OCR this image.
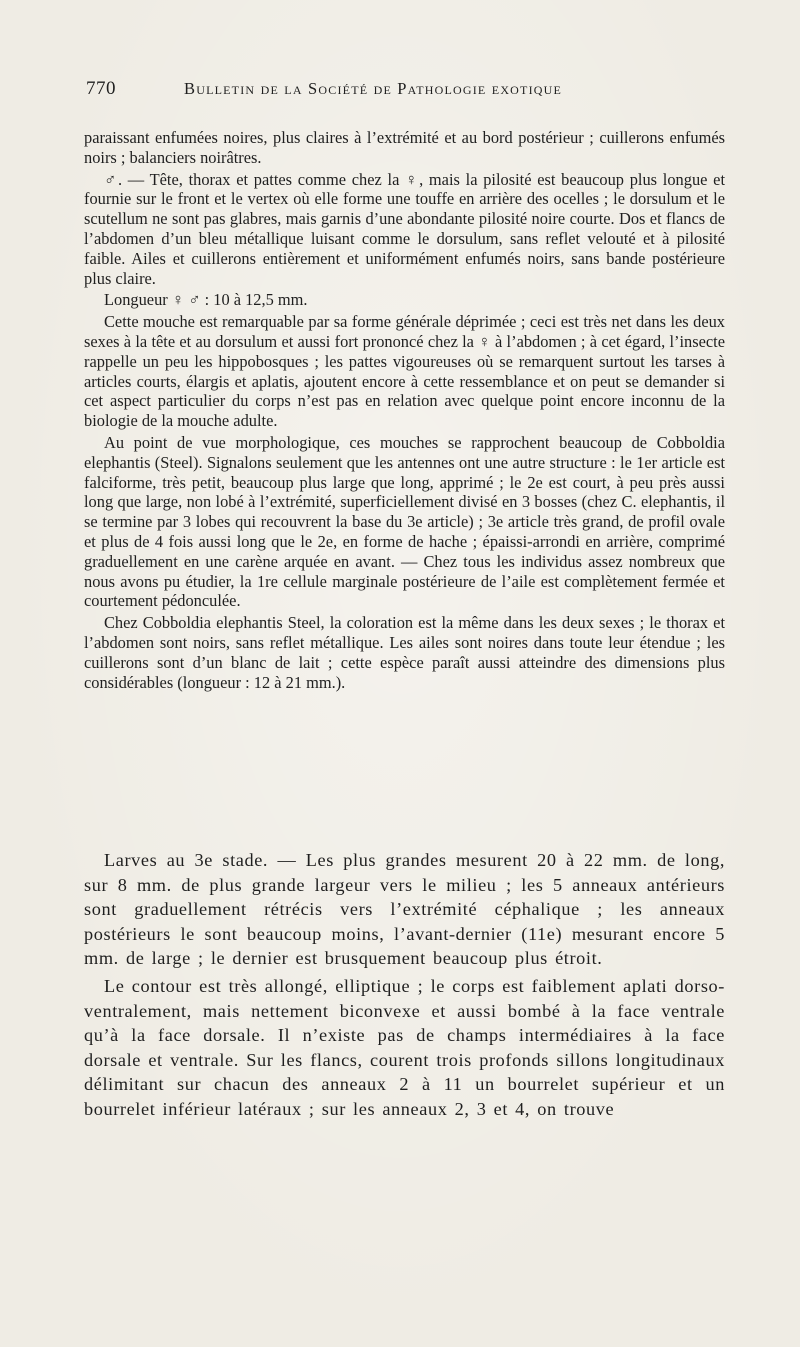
770	Bulletin de la Société de Pathologie exotique

paraissant enfumées noires, plus claires à l’extrémité et au bord postérieur ; cuillerons enfumés noirs ; balanciers noirâtres.

♂. — Tête, thorax et pattes comme chez la ♀, mais la pilosité est beaucoup plus longue et fournie sur le front et le vertex où elle forme une touffe en arrière des ocelles ; le dorsulum et le scutellum ne sont pas glabres, mais garnis d’une abondante pilosité noire courte. Dos et flancs de l’abdomen d’un bleu métallique luisant comme le dorsulum, sans reflet velouté et à pilosité faible. Ailes et cuillerons entièrement et uniformément enfumés noirs, sans bande postérieure plus claire.

Longueur ♀ ♂ : 10 à 12,5 mm.

Cette mouche est remarquable par sa forme générale déprimée ; ceci est très net dans les deux sexes à la tête et au dorsulum et aussi fort prononcé chez la ♀ à l’abdomen ; à cet égard, l’insecte rappelle un peu les hippobosques ; les pattes vigoureuses où se remarquent surtout les tarses à articles courts, élargis et aplatis, ajoutent encore à cette ressemblance et on peut se demander si cet aspect particulier du corps n’est pas en relation avec quelque point encore inconnu de la biologie de la mouche adulte.

Au point de vue morphologique, ces mouches se rapprochent beaucoup de Cobboldia elephantis (Steel). Signalons seulement que les antennes ont une autre structure : le 1er article est falciforme, très petit, beaucoup plus large que long, apprimé ; le 2e est court, à peu près aussi long que large, non lobé à l’extrémité, superficiellement divisé en 3 bosses (chez C. elephantis, il se termine par 3 lobes qui recouvrent la base du 3e article) ; 3e article très grand, de profil ovale et plus de 4 fois aussi long que le 2e, en forme de hache ; épaissi-arrondi en arrière, comprimé graduellement en une carène arquée en avant. — Chez tous les individus assez nombreux que nous avons pu étudier, la 1re cellule marginale postérieure de l’aile est complètement fermée et courtement pédonculée.

Chez Cobboldia elephantis Steel, la coloration est la même dans les deux sexes ; le thorax et l’abdomen sont noirs, sans reflet métallique. Les ailes sont noires dans toute leur étendue ; les cuillerons sont d’un blanc de lait ; cette espèce paraît aussi atteindre des dimensions plus considérables (longueur : 12 à 21 mm.).

Larves au 3e stade. — Les plus grandes mesurent 20 à 22 mm. de long, sur 8 mm. de plus grande largeur vers le milieu ; les 5 anneaux antérieurs sont graduellement rétrécis vers l’extrémité céphalique ; les anneaux postérieurs le sont beaucoup moins, l’avant-dernier (11e) mesurant encore 5 mm. de large ; le dernier est brusquement beaucoup plus étroit.

Le contour est très allongé, elliptique ; le corps est faiblement aplati dorso-ventralement, mais nettement biconvexe et aussi bombé à la face ventrale qu’à la face dorsale. Il n’existe pas de champs intermédiaires à la face dorsale et ventrale. Sur les flancs, courent trois profonds sillons longitudinaux délimitant sur chacun des anneaux 2 à 11 un bourrelet supérieur et un bourrelet inférieur latéraux ; sur les anneaux 2, 3 et 4, on trouve
